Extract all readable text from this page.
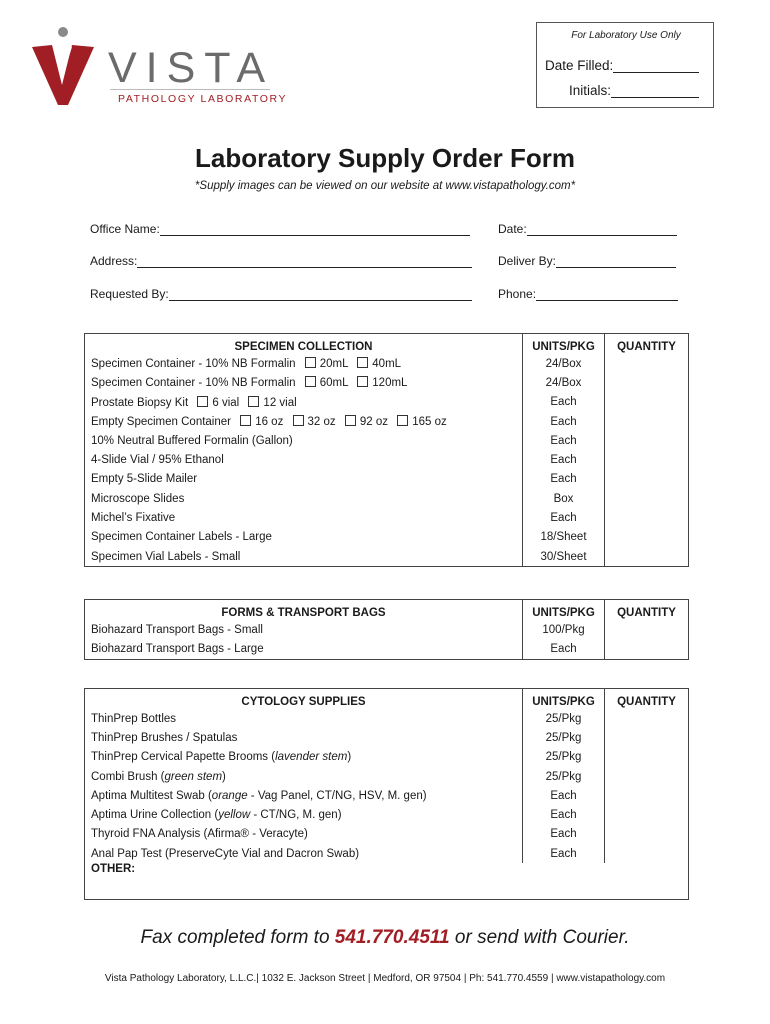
VISTA
PATHOLOGY LABORATORY
For Laboratory Use Only
Date Filled:
Initials:
Laboratory Supply Order Form
*Supply images can be viewed on our website at www.vistapathology.com*
Office Name:	Date:
Address:	Deliver By:
Requested By:	Phone:
SPECIMEN COLLECTION	UNITS/PKG	QUANTITY
Specimen Container - 10% NB Formalin 20mL 40mL	24/Box	
Specimen Container - 10% NB Formalin 60mL 120mL	24/Box	
Prostate Biopsy Kit 6 vial 12 vial	Each	
Empty Specimen Container 16 oz 32 oz 92 oz 165 oz	Each	
10% Neutral Buffered Formalin (Gallon)	Each	
4-Slide Vial / 95% Ethanol	Each	
Empty 5-Slide Mailer	Each	
Microscope Slides	Box	
Michel’s Fixative	Each	
Specimen Container Labels - Large	18/Sheet	
Specimen Vial Labels - Small	30/Sheet	
FORMS & TRANSPORT BAGS	UNITS/PKG	QUANTITY
Biohazard Transport Bags - Small	100/Pkg	
Biohazard Transport Bags - Large	Each	
CYTOLOGY SUPPLIES	UNITS/PKG	QUANTITY
ThinPrep Bottles	25/Pkg	
ThinPrep Brushes / Spatulas	25/Pkg	
ThinPrep Cervical Papette Brooms (lavender stem)	25/Pkg	
Combi Brush (green stem)	25/Pkg	
Aptima Multitest Swab (orange - Vag Panel, CT/NG, HSV, M. gen)	Each	
Aptima Urine Collection (yellow - CT/NG, M. gen)	Each	
Thyroid FNA Analysis (Afirma® - Veracyte)	Each	
Anal Pap Test (PreserveCyte Vial and Dacron Swab)	Each	
OTHER:		
Fax completed form to 541.770.4511 or send with Courier.
Vista Pathology Laboratory, L.L.C.| 1032 E. Jackson Street | Medford, OR 97504 | Ph: 541.770.4559 | www.vistapathology.com
